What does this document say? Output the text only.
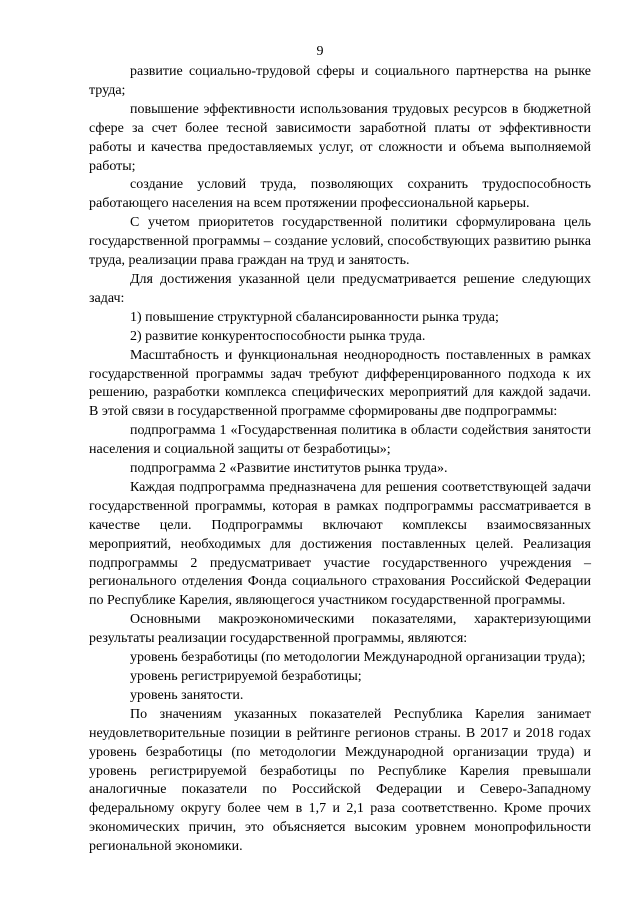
9

развитие социально-трудовой сферы и социального партнерства на рынке труда;

повышение эффективности использования трудовых ресурсов в бюджетной сфере за счет более тесной зависимости заработной платы от эффективности работы и качества предоставляемых услуг, от сложности и объема выполняемой работы;

создание условий труда, позволяющих сохранить трудоспособность работающего населения на всем протяжении профессиональной карьеры.

С учетом приоритетов государственной политики сформулирована цель государственной программы – создание условий, способствующих развитию рынка труда, реализации права граждан на труд и занятость.

Для достижения указанной цели предусматривается решение следующих задач:

1) повышение структурной сбалансированности рынка труда;

2) развитие конкурентоспособности рынка труда.

Масштабность и функциональная неоднородность поставленных в рамках государственной программы задач требуют дифференцированного подхода к их решению, разработки комплекса специфических мероприятий для каждой задачи. В этой связи в государственной программе сформированы две подпрограммы:

подпрограмма 1 «Государственная политика в области содействия занятости населения и социальной защиты от безработицы»;

подпрограмма 2 «Развитие институтов рынка труда».

Каждая подпрограмма предназначена для решения соответствующей задачи государственной программы, которая в рамках подпрограммы рассматривается в качестве цели. Подпрограммы включают комплексы взаимосвязанных мероприятий, необходимых для достижения поставленных целей. Реализация подпрограммы 2 предусматривает участие государственного учреждения – регионального отделения Фонда социального страхования Российской Федерации по Республике Карелия, являющегося участником государственной программы.

Основными макроэкономическими показателями, характеризующими результаты реализации государственной программы, являются:

уровень безработицы (по методологии Международной организации труда);

уровень регистрируемой безработицы;

уровень занятости.

По значениям указанных показателей Республика Карелия занимает неудовлетворительные позиции в рейтинге регионов страны. В 2017 и 2018 годах уровень безработицы (по методологии Международной организации труда) и уровень регистрируемой безработицы по Республике Карелия превышали аналогичные показатели по Российской Федерации и Северо-Западному федеральному округу более чем в 1,7 и 2,1 раза соответственно. Кроме прочих экономических причин, это объясняется высоким уровнем монопрофильности региональной экономики.
